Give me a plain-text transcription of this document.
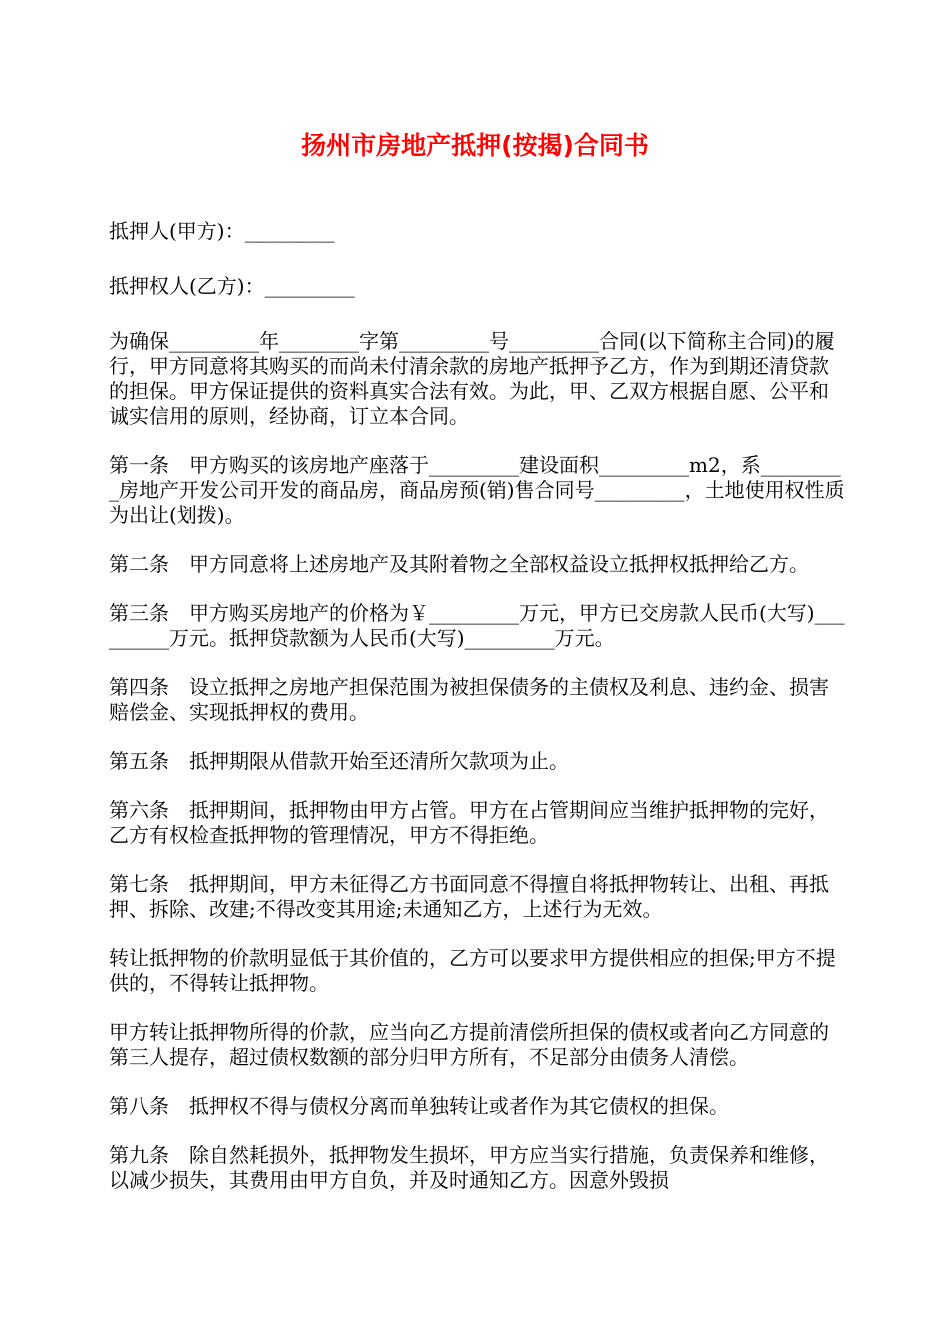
扬州市房地产抵押(按揭)合同书

抵押人(甲方)：_________

抵押权人(乙方)：_________

为确保_________年________字第_________号_________合同(以下简称主合同)的履行，甲方同意将其购买的而尚未付清余款的房地产抵押予乙方，作为到期还清贷款的担保。甲方保证提供的资料真实合法有效。为此，甲、乙双方根据自愿、公平和诚实信用的原则，经协商，订立本合同。

第一条　甲方购买的该房地产座落于_________建设面积_________m2，系_________房地产开发公司开发的商品房，商品房预(销)售合同号_________，土地使用权性质为出让(划拨)。

第二条　甲方同意将上述房地产及其附着物之全部权益设立抵押权抵押给乙方。

第三条　甲方购买房地产的价格为￥_________万元，甲方已交房款人民币(大写)_________万元。抵押贷款额为人民币(大写)_________万元。

第四条　设立抵押之房地产担保范围为被担保债务的主债权及利息、违约金、损害赔偿金、实现抵押权的费用。

第五条　抵押期限从借款开始至还清所欠款项为止。

第六条　抵押期间，抵押物由甲方占管。甲方在占管期间应当维护抵押物的完好，乙方有权检查抵押物的管理情况，甲方不得拒绝。

第七条　抵押期间，甲方未征得乙方书面同意不得擅自将抵押物转让、出租、再抵押、拆除、改建;不得改变其用途;未通知乙方，上述行为无效。

转让抵押物的价款明显低于其价值的，乙方可以要求甲方提供相应的担保;甲方不提供的，不得转让抵押物。

甲方转让抵押物所得的价款，应当向乙方提前清偿所担保的债权或者向乙方同意的第三人提存，超过债权数额的部分归甲方所有，不足部分由债务人清偿。

第八条　抵押权不得与债权分离而单独转让或者作为其它债权的担保。

第九条　除自然耗损外，抵押物发生损坏，甲方应当实行措施，负责保养和维修，以减少损失，其费用由甲方自负，并及时通知乙方。因意外毁损
